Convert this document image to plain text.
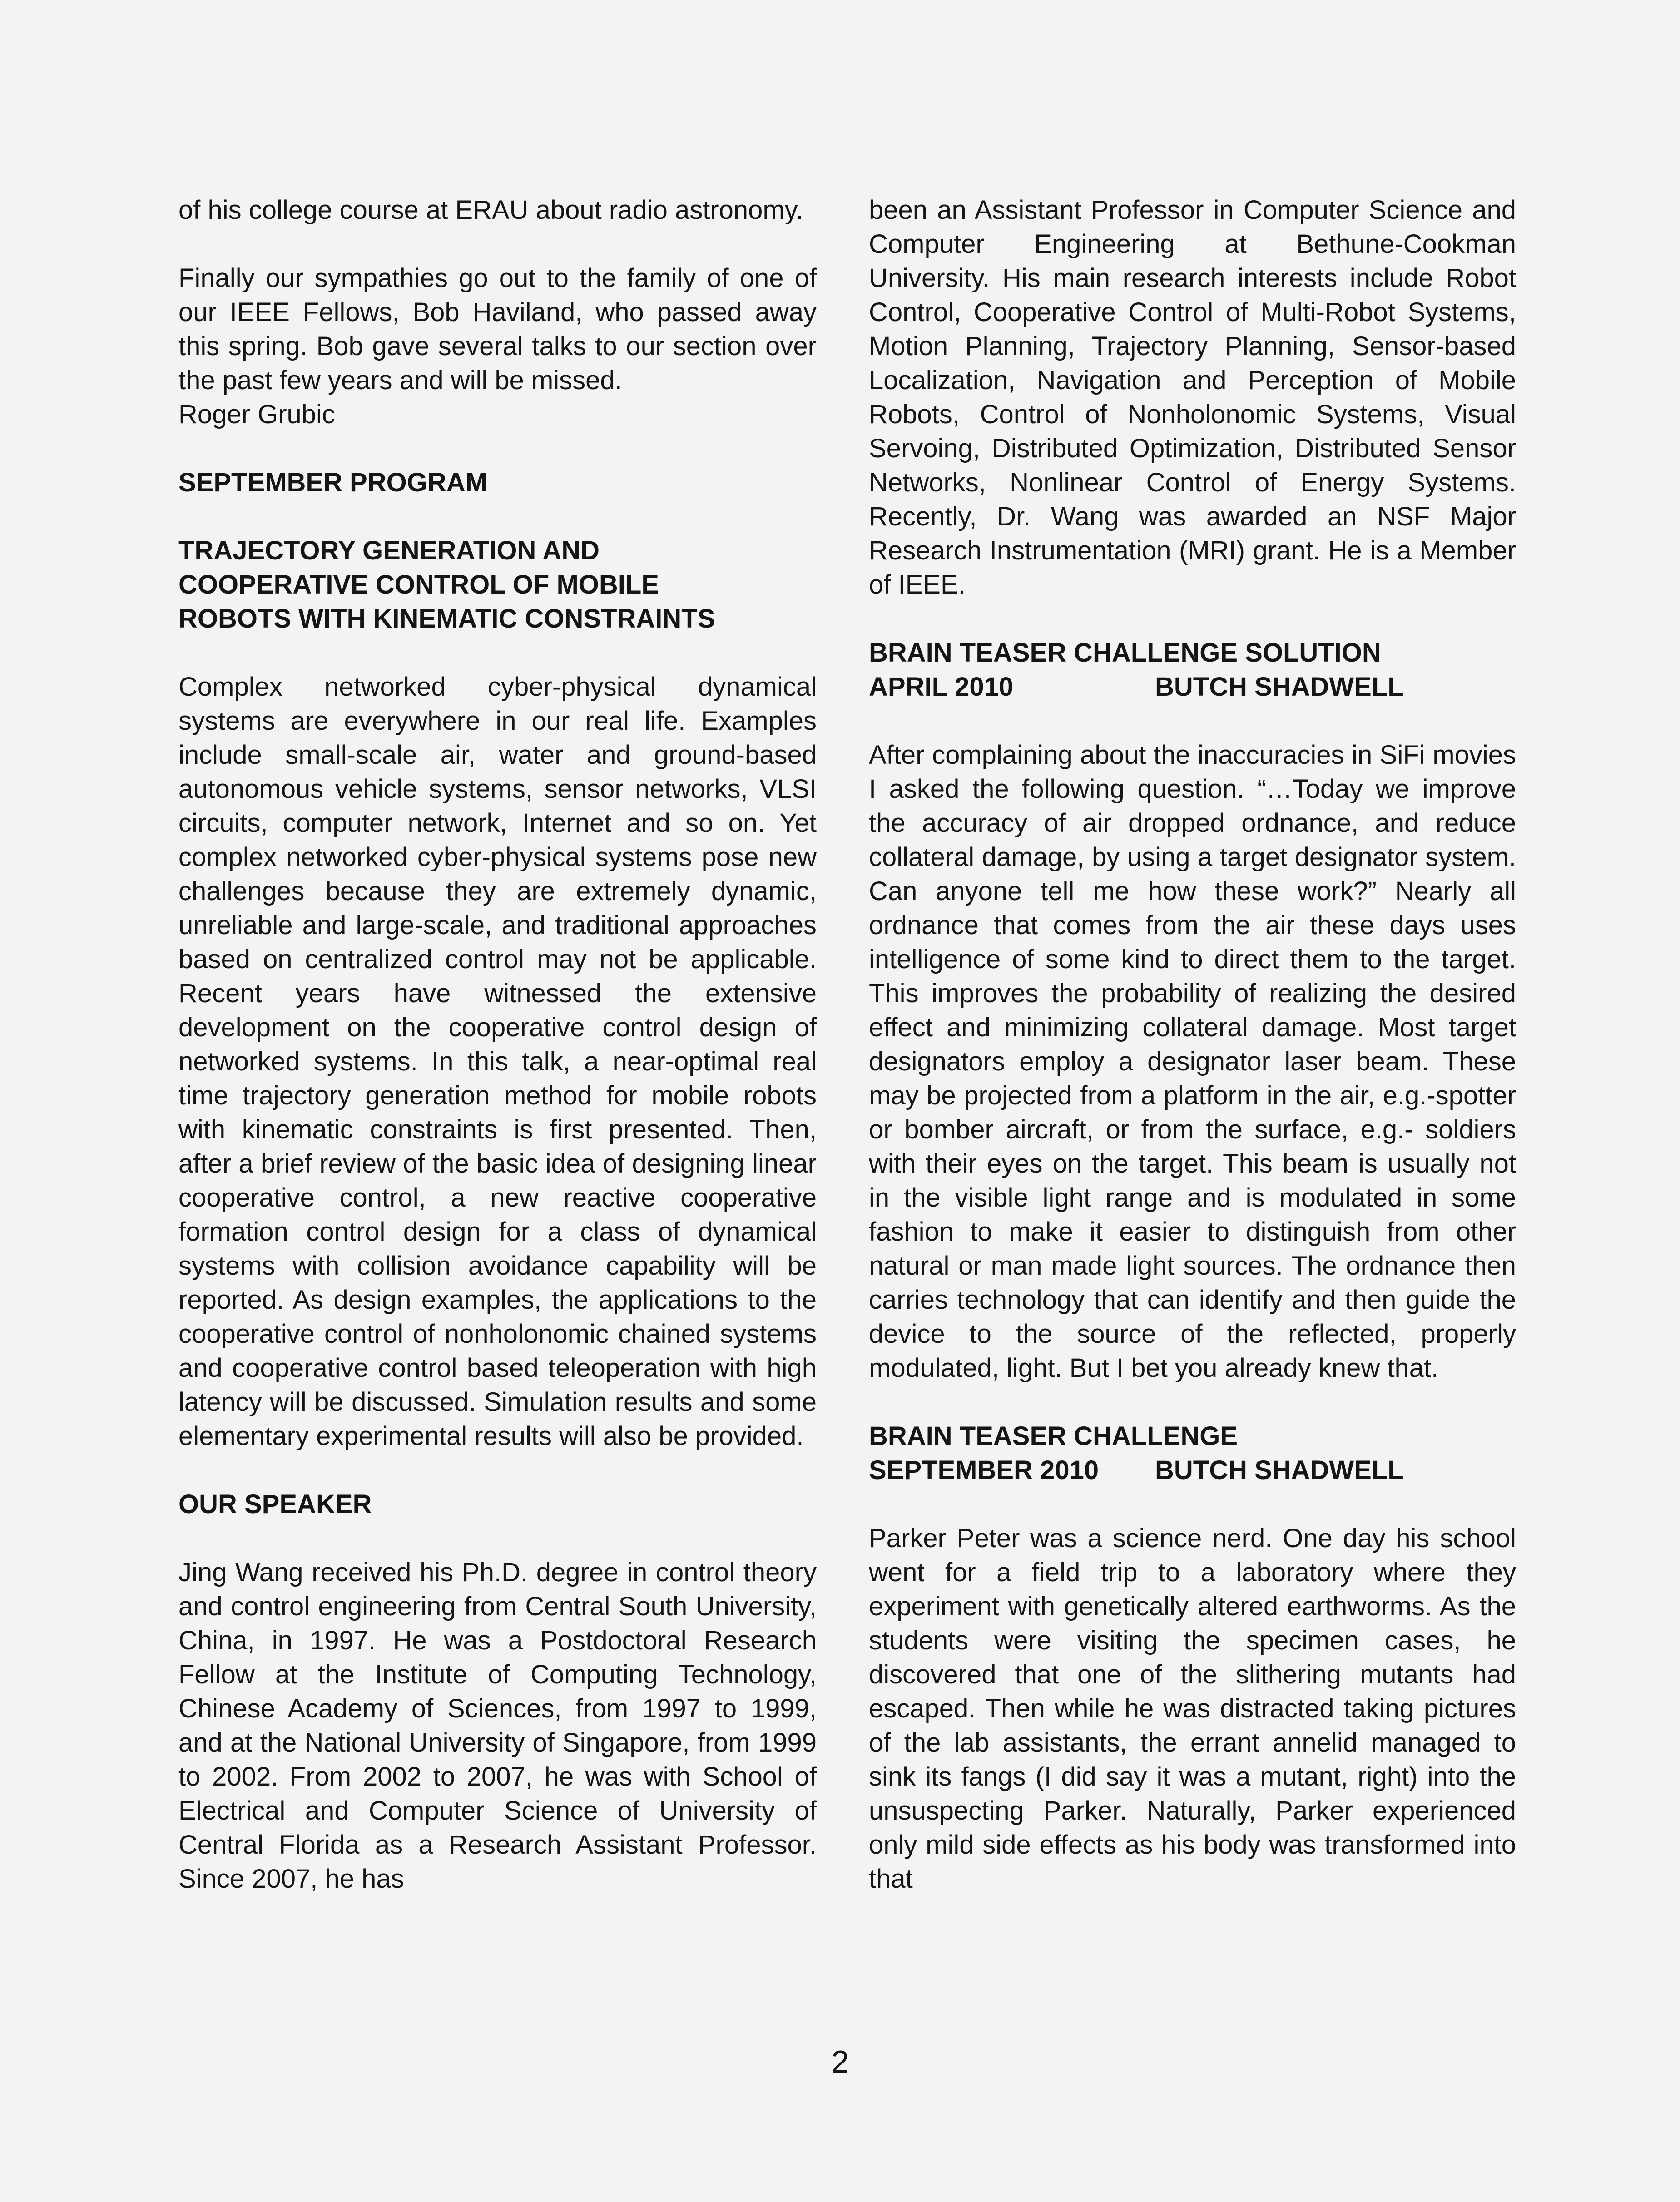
of his college course at ERAU about radio astronomy.

Finally our sympathies go out to the family of one of our IEEE Fellows, Bob Haviland, who passed away this spring. Bob gave several talks to our section over the past few years and will be missed.

Roger Grubic
SEPTEMBER PROGRAM
TRAJECTORY GENERATION AND
COOPERATIVE CONTROL OF MOBILE
ROBOTS WITH KINEMATIC CONSTRAINTS

Complex networked cyber-physical dynamical systems are everywhere in our real life. Examples include small-scale air, water and ground-based autonomous vehicle systems, sensor networks, VLSI circuits, computer network, Internet and so on. Yet complex networked cyber-physical systems pose new challenges because they are extremely dynamic, unreliable and large-scale, and traditional approaches based on centralized control may not be applicable. Recent years have witnessed the extensive development on the cooperative control design of networked systems. In this talk, a near-optimal real time trajectory generation method for mobile robots with kinematic constraints is first presented. Then, after a brief review of the basic idea of designing linear cooperative control, a new reactive cooperative formation control design for a class of dynamical systems with collision avoidance capability will be reported. As design examples, the applications to the cooperative control of nonholonomic chained systems and cooperative control based teleoperation with high latency will be discussed. Simulation results and some elementary experimental results will also be provided.

OUR SPEAKER

Jing Wang received his Ph.D. degree in control theory and control engineering from Central South University, China, in 1997. He was a Postdoctoral Research Fellow at the Institute of Computing Technology, Chinese Academy of Sciences, from 1997 to 1999, and at the National University of Singapore, from 1999 to 2002. From 2002 to 2007, he was with School of Electrical and Computer Science of University of Central Florida as a Research Assistant Professor. Since 2007, he has

been an Assistant Professor in Computer Science and Computer Engineering at Bethune-Cookman University. His main research interests include Robot Control, Cooperative Control of Multi-Robot Systems, Motion Planning, Trajectory Planning, Sensor-based Localization, Navigation and Perception of Mobile Robots, Control of Nonholonomic Systems, Visual Servoing, Distributed Optimization, Distributed Sensor Networks, Nonlinear Control of Energy Systems. Recently, Dr. Wang was awarded an NSF Major Research Instrumentation (MRI) grant. He is a Member of IEEE.

BRAIN TEASER CHALLENGE SOLUTION
APRIL 2010	BUTCH SHADWELL

After complaining about the inaccuracies in SiFi movies I asked the following question. “…Today we improve the accuracy of air dropped ordnance, and reduce collateral damage, by using a target designator system. Can anyone tell me how these work?” Nearly all ordnance that comes from the air these days uses intelligence of some kind to direct them to the target. This improves the probability of realizing the desired effect and minimizing collateral damage. Most target designators employ a designator laser beam. These may be projected from a platform in the air, e.g.-spotter or bomber aircraft, or from the surface, e.g.- soldiers with their eyes on the target. This beam is usually not in the visible light range and is modulated in some fashion to make it easier to distinguish from other natural or man made light sources. The ordnance then carries technology that can identify and then guide the device to the source of the reflected, properly modulated, light. But I bet you already knew that.

BRAIN TEASER CHALLENGE
SEPTEMBER 2010	BUTCH SHADWELL

Parker Peter was a science nerd. One day his school went for a field trip to a laboratory where they experiment with genetically altered earthworms. As the students were visiting the specimen cases, he discovered that one of the slithering mutants had escaped. Then while he was distracted taking pictures of the lab assistants, the errant annelid managed to sink its fangs (I did say it was a mutant, right) into the unsuspecting Parker. Naturally, Parker experienced only mild side effects as his body was transformed into that

2
